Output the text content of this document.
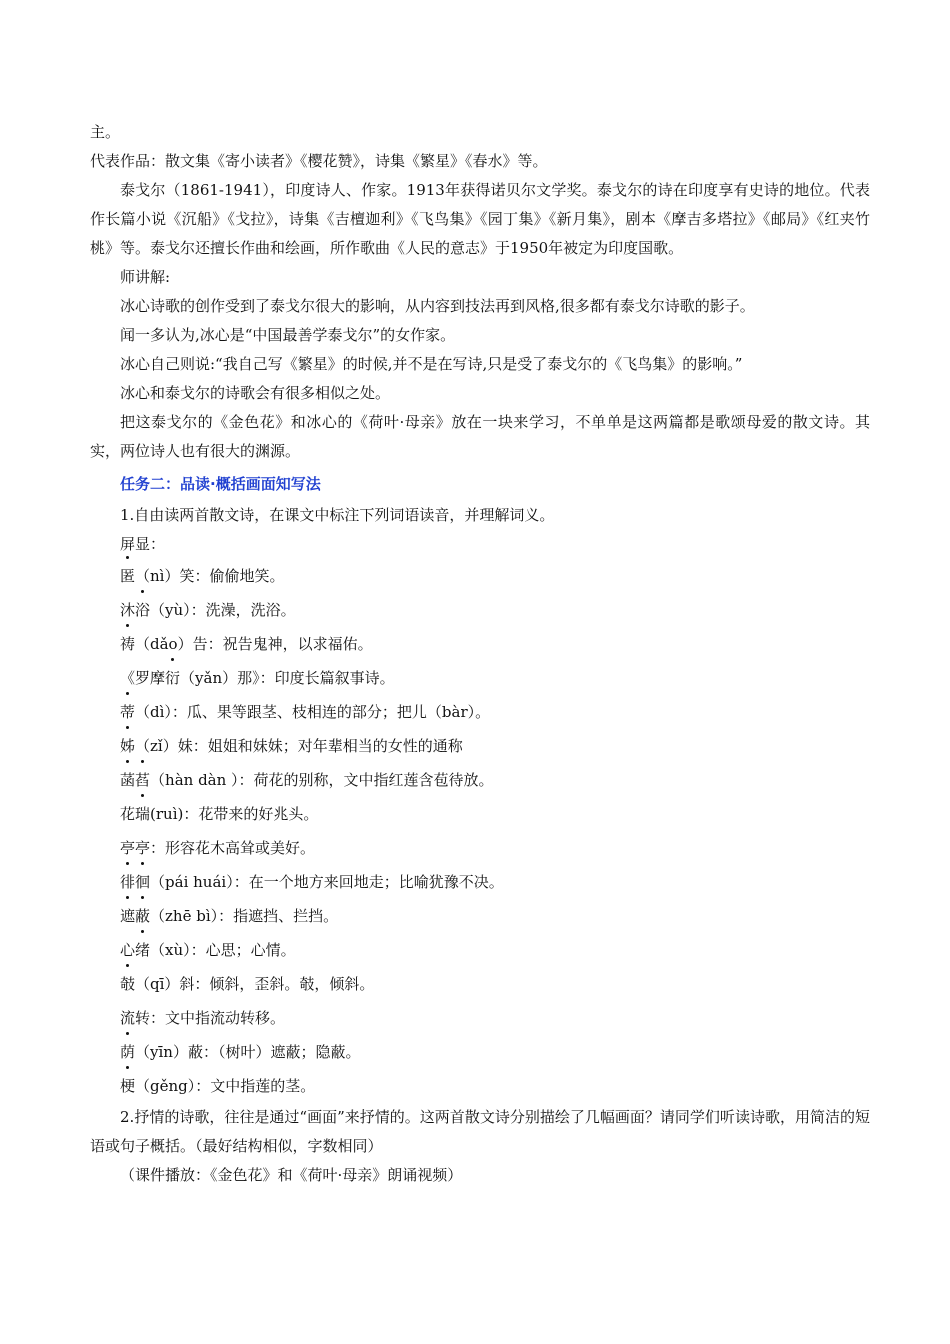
主。

代表作品：散文集《寄小读者》《樱花赞》，诗集《繁星》《春水》等。

泰戈尔（1861-1941），印度诗人、作家。1913年获得诺贝尔文学奖。泰戈尔的诗在印度享有史诗的地位。代表作长篇小说《沉船》《戈拉》，诗集《吉檀迦利》《飞鸟集》《园丁集》《新月集》，剧本《摩吉多塔拉》《邮局》《红夹竹桃》等。泰戈尔还擅长作曲和绘画，所作歌曲《人民的意志》于1950年被定为印度国歌。

师讲解:

冰心诗歌的创作受到了泰戈尔很大的影响，从内容到技法再到风格,很多都有泰戈尔诗歌的影子。

闻一多认为,冰心是“中国最善学泰戈尔”的女作家。

冰心自己则说:“我自己写《繁星》的时候,并不是在写诗,只是受了泰戈尔的《飞鸟集》的影响。”

冰心和泰戈尔的诗歌会有很多相似之处。

把这泰戈尔的《金色花》和冰心的《荷叶·母亲》放在一块来学习，不单单是这两篇都是歌颂母爱的散文诗。其实，两位诗人也有很大的渊源。

任务二：品读·概括画面知写法

1.自由读两首散文诗，在课文中标注下列词语读音，并理解词义。

屏显：

匿（nì）笑：偷偷地笑。

沐浴（yù）：洗澡，洗浴。

祷（dǎo）告：祝告鬼神，以求福佑。

《罗摩衍（yǎn）那》：印度长篇叙事诗。

蒂（dì）：瓜、果等跟茎、枝相连的部分；把儿（bàr）。

姊（zǐ）妹：姐姐和妹妹；对年辈相当的女性的通称

菡萏（hàn dàn ）：荷花的别称，文中指红莲含苞待放。

花瑞(ruì)：花带来的好兆头。

亭亭：形容花木高耸或美好。

徘徊（pái huái）：在一个地方来回地走；比喻犹豫不决。

遮蔽（zhē bì）：指遮挡、拦挡。

心绪（xù）：心思；心情。

攲（qī）斜：倾斜，歪斜。攲，倾斜。

流转：文中指流动转移。

荫（yīn）蔽：（树叶）遮蔽；隐蔽。

梗（gěng）：文中指莲的茎。

2.抒情的诗歌，往往是通过“画面”来抒情的。这两首散文诗分别描绘了几幅画面？请同学们听读诗歌，用简洁的短语或句子概括。（最好结构相似，字数相同）

（课件播放：《金色花》和《荷叶·母亲》朗诵视频）
